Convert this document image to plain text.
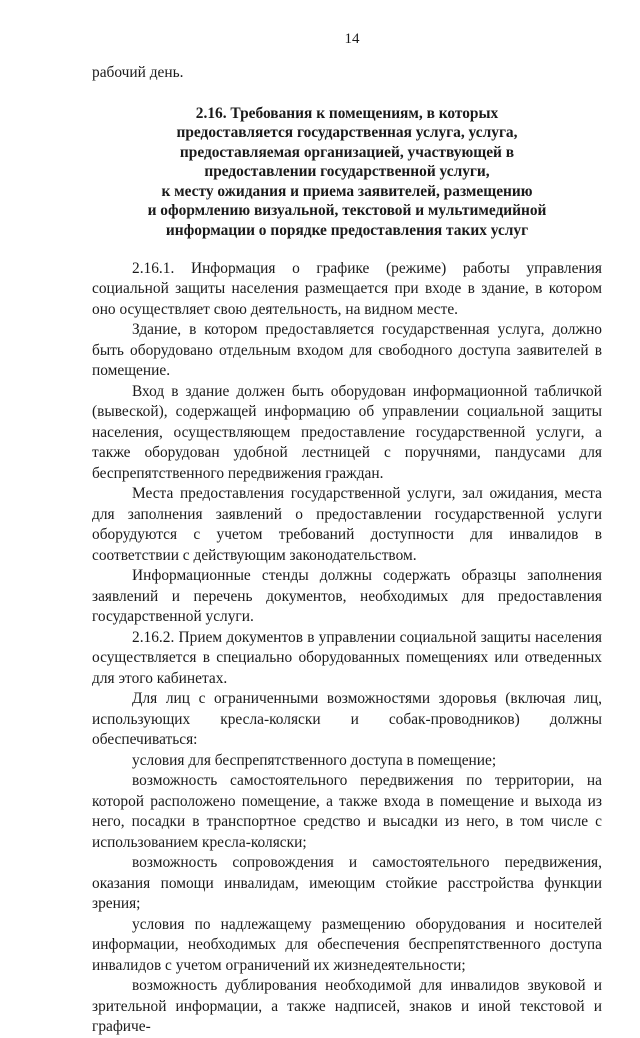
14

рабочий день.

2.16. Требования к помещениям, в которых
предоставляется государственная услуга, услуга,
предоставляемая организацией, участвующей в
предоставлении государственной услуги,
к месту ожидания и приема заявителей, размещению
и оформлению визуальной, текстовой и мультимедийной
информации о порядке предоставления таких услуг

2.16.1. Информация о графике (режиме) работы управления социальной защиты населения размещается при входе в здание, в котором оно осуществляет свою деятельность, на видном месте.

Здание, в котором предоставляется государственная услуга, должно быть оборудовано отдельным входом для свободного доступа заявителей в помещение.

Вход в здание должен быть оборудован информационной табличкой (вывеской), содержащей информацию об управлении социальной защиты населения, осуществляющем предоставление государственной услуги, а также оборудован удобной лестницей с поручнями, пандусами для беспрепятственного передвижения граждан.

Места предоставления государственной услуги, зал ожидания, места для заполнения заявлений о предоставлении государственной услуги оборудуются с учетом требований доступности для инвалидов в соответствии с действующим законодательством.

Информационные стенды должны содержать образцы заполнения заявлений и перечень документов, необходимых для предоставления государственной услуги.

2.16.2. Прием документов в управлении социальной защиты населения осуществляется в специально оборудованных помещениях или отведенных для этого кабинетах.

Для лиц с ограниченными возможностями здоровья (включая лиц, использующих кресла-коляски и собак-проводников) должны обеспечиваться:

условия для беспрепятственного доступа в помещение;

возможность самостоятельного передвижения по территории, на которой расположено помещение, а также входа в помещение и выхода из него, посадки в транспортное средство и высадки из него, в том числе с использованием кресла-коляски;

возможность сопровождения и самостоятельного передвижения, оказания помощи инвалидам, имеющим стойкие расстройства функции зрения;

условия по надлежащему размещению оборудования и носителей информации, необходимых для обеспечения беспрепятственного доступа инвалидов с учетом ограничений их жизнедеятельности;

возможность дублирования необходимой для инвалидов звуковой и зрительной информации, а также надписей, знаков и иной текстовой и графиче-
